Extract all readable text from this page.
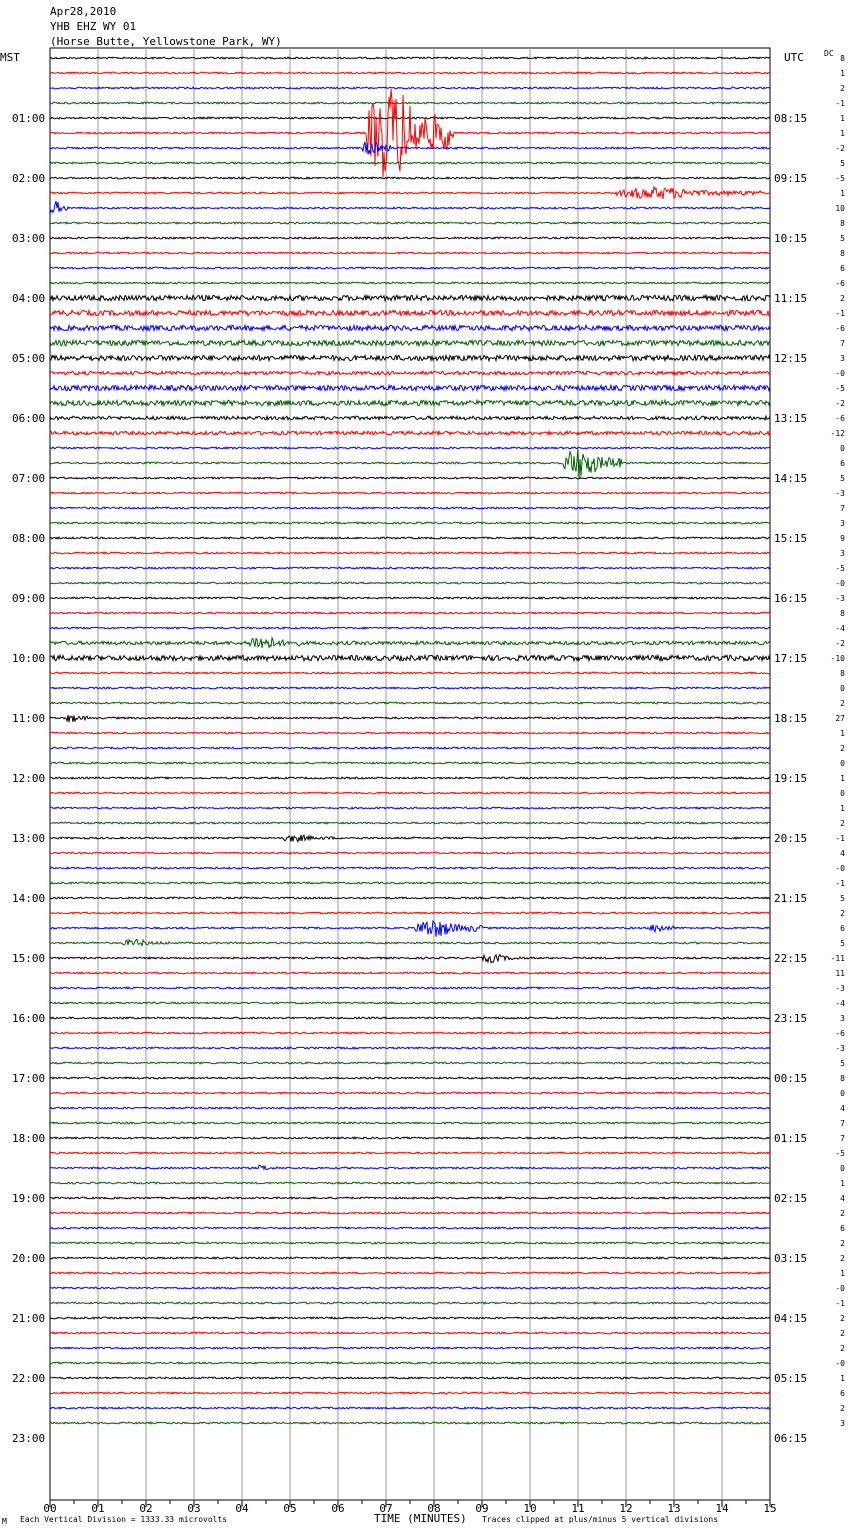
Apr28,2010
YHB EHZ WY 01
(Horse Butte, Yellowstone Park, WY)
MST	UTC	DC
M Each Vertical Division = 1333.33 microvolts	TIME (MINUTES) Traces clipped at plus/minus 5 vertical divisions
00	01	02	03	04	05	06	07	08	09	10	11	12	13	14	15
8
1
2
-1
1
1
-2
5
-5
1
10
8
5
8
6
-6
2
-1
-6
7
3
-0
-5
-2
-6
-12
0
6
5
-3
7
3
9
3
-5
-0
-3
8
-4
-2
-10
8
0
2
27
1
2
0
1
0
1
2
-1
4
-0
-1
5
2
6
5
-11
11
-3
-4
3
-6
-3
5
8
0
4
7
7
-5
0
1
4
2
6
2
2
1
-0
-1
2
2
2
-0
1
6
2
3
01:00
02:00
03:00
04:00
05:00
06:00
07:00
08:00
09:00
10:00
11:00
12:00
13:00
14:00
15:00
16:00
17:00
18:00
19:00
20:00
21:00
22:00
23:00
08:15
09:15
10:15
11:15
12:15
13:15
14:15
15:15
16:15
17:15
18:15
19:15
20:15
21:15
22:15
23:15
00:15
01:15
02:15
03:15
04:15
05:15
06:15
